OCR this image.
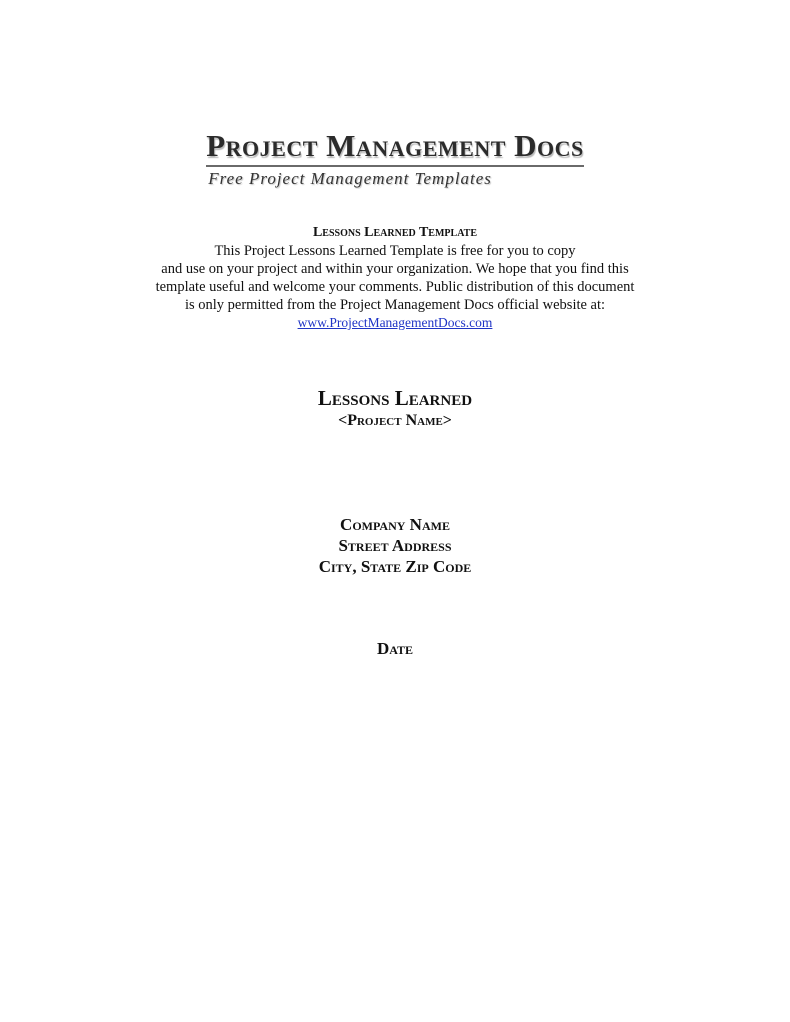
Project Management Docs

Free Project Management Templates

Lessons Learned Template

This Project Lessons Learned Template is free for you to copy

and use on your project and within your organization. We hope that you find this

template useful and welcome your comments. Public distribution of this document

is only permitted from the Project Management Docs official website at:

www.ProjectManagementDocs.com

Lessons Learned

<Project Name>

Company Name

Street Address

City, State Zip Code

Date
